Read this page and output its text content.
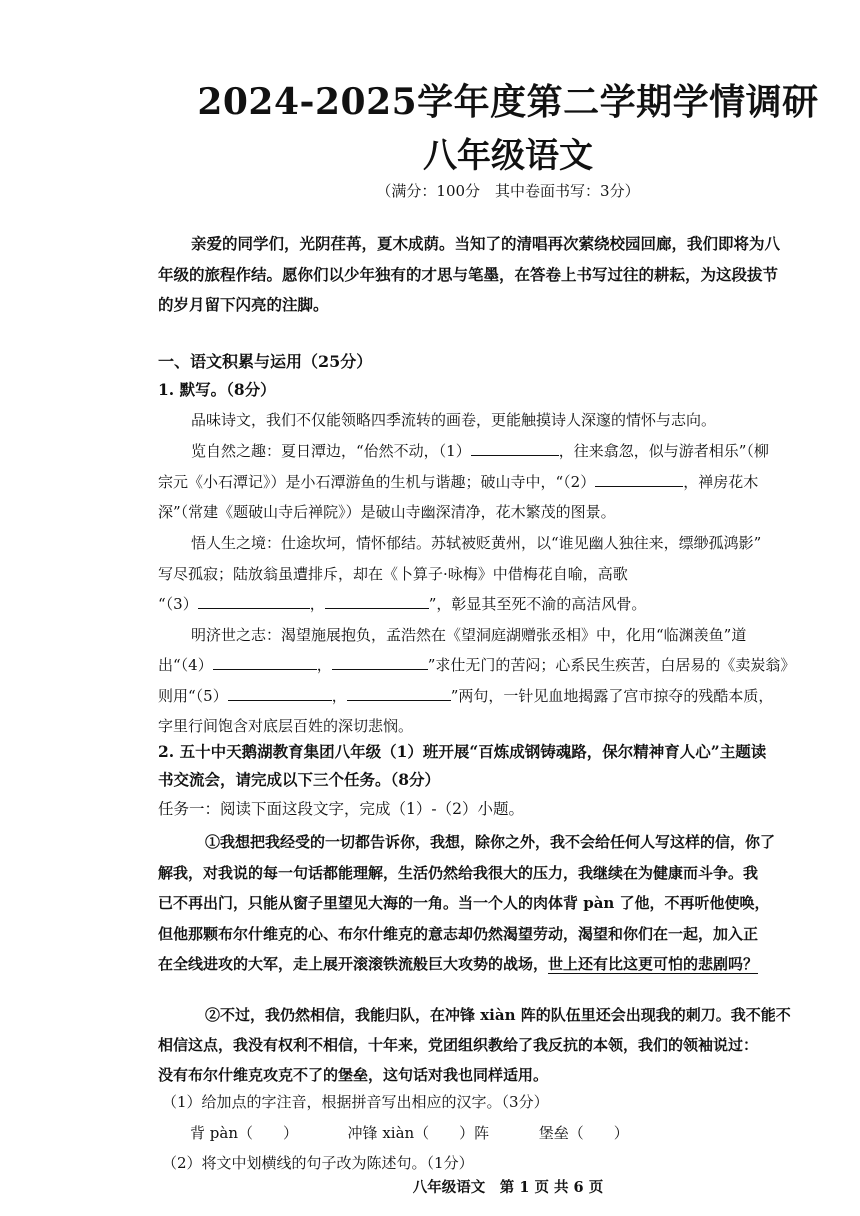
2024-2025学年度第二学期学情调研
八年级语文
（满分：100分　其中卷面书写：3分）
亲爱的同学们，光阴荏苒，夏木成荫。当知了的清唱再次萦绕校园回廊，我们即将为八
年级的旅程作结。愿你们以少年独有的才思与笔墨，在答卷上书写过往的耕耘，为这段拔节
的岁月留下闪亮的注脚。
一、语文积累与运用（25分）
1. 默写。（8分）
品味诗文，我们不仅能领略四季流转的画卷，更能触摸诗人深邃的情怀与志向。
览自然之趣：夏日潭边，“佁然不动，（1）	，往来翕忽，似与游者相乐”（柳
宗元《小石潭记》）是小石潭游鱼的生机与谐趣；破山寺中，“（2）	，禅房花木
深”（常建《题破山寺后禅院》）是破山寺幽深清净，花木繁茂的图景。
悟人生之境：仕途坎坷，情怀郁结。苏轼被贬黄州，以“谁见幽人独往来，缥缈孤鸿影”
写尽孤寂；陆放翁虽遭排斥，却在《卜算子·咏梅》中借梅花自喻，高歌
“（3）	，	”，彰显其至死不渝的高洁风骨。
明济世之志：渴望施展抱负，孟浩然在《望洞庭湖赠张丞相》中，化用“临渊羡鱼”道
出“（4）	，	”求仕无门的苦闷；心系民生疾苦，白居易的《卖炭翁》
则用“（5）	，	”两句，一针见血地揭露了宫市掠夺的残酷本质，
字里行间饱含对底层百姓的深切悲悯。
2. 五十中天鹅湖教育集团八年级（1）班开展“百炼成钢铸魂路，保尔精神育人心”主题读
书交流会，请完成以下三个任务。（8分）
任务一：阅读下面这段文字，完成（1）-（2）小题。
①我想把我经受的一切都告诉你，我想，除你之外，我不会给任何人写这样的信，你了
解我，对我说的每一句话都能理解，生活仍然给我很大的压力，我继续在为健康而斗争。我
已不再出门，只能从窗子里望见大海的一角。当一个人的肉体背 pàn 了他，不再听他使唤，
但他那颗布尔什维克的心、布尔什维克的意志却仍然渴望劳动，渴望和你们在一起，加入正
在全线进攻的大军，走上展开滚滚铁流般巨大攻势的战场，世上还有比这更可怕的悲剧吗？
②不过，我仍然相信，我能归队，在冲锋 xiàn 阵的队伍里还会出现我的刺刀。我不能不
相信这点，我没有权利不相信，十年来，党团组织教给了我反抗的本领，我们的领袖说过：
没有布尔什维克攻克不了的堡垒，这句话对我也同样适用。
（1）给加点的字注音，根据拼音写出相应的汉字。（3分）
背 pàn（　　）	冲锋 xiàn（　　）阵	堡垒（　　）
（2）将文中划横线的句子改为陈述句。（1分）
八年级语文　第 1 页 共 6 页
